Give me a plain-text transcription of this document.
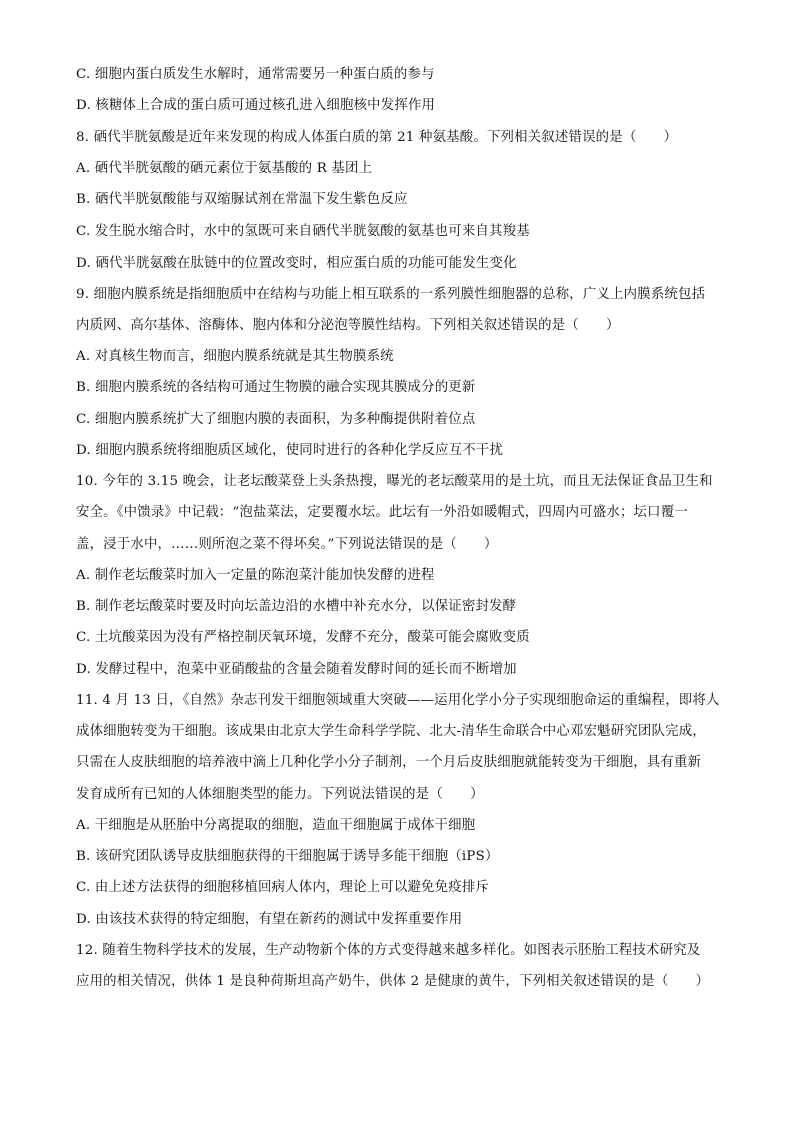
C. 细胞内蛋白质发生水解时，通常需要另一种蛋白质的参与
D. 核糖体上合成的蛋白质可通过核孔进入细胞核中发挥作用
8. 硒代半胱氨酸是近年来发现的构成人体蛋白质的第 21 种氨基酸。下列相关叙述错误的是（　　）
A. 硒代半胱氨酸的硒元素位于氨基酸的 R 基团上
B. 硒代半胱氨酸能与双缩脲试剂在常温下发生紫色反应
C. 发生脱水缩合时，水中的氢既可来自硒代半胱氨酸的氨基也可来自其羧基
D. 硒代半胱氨酸在肽链中的位置改变时，相应蛋白质的功能可能发生变化
9. 细胞内膜系统是指细胞质中在结构与功能上相互联系的一系列膜性细胞器的总称，广义上内膜系统包括
内质网、高尔基体、溶酶体、胞内体和分泌泡等膜性结构。下列相关叙述错误的是（　　）
A. 对真核生物而言，细胞内膜系统就是其生物膜系统
B. 细胞内膜系统的各结构可通过生物膜的融合实现其膜成分的更新
C. 细胞内膜系统扩大了细胞内膜的表面积，为多种酶提供附着位点
D. 细胞内膜系统将细胞质区域化，使同时进行的各种化学反应互不干扰
10. 今年的 3.15 晚会，让老坛酸菜登上头条热搜，曝光的老坛酸菜用的是土坑，而且无法保证食品卫生和
安全。《中馈录》中记载：“泡盐菜法，定要覆水坛。此坛有一外沿如暖帽式，四周内可盛水；坛口覆一
盖，浸于水中，……则所泡之菜不得坏矣。”下列说法错误的是（　　）
A. 制作老坛酸菜时加入一定量的陈泡菜汁能加快发酵的进程
B. 制作老坛酸菜时要及时向坛盖边沿的水槽中补充水分，以保证密封发酵
C. 土坑酸菜因为没有严格控制厌氧环境，发酵不充分，酸菜可能会腐败变质
D. 发酵过程中，泡菜中亚硝酸盐的含量会随着发酵时间的延长而不断增加
11. 4 月 13 日，《自然》杂志刊发干细胞领域重大突破——运用化学小分子实现细胞命运的重编程，即将人
成体细胞转变为干细胞。该成果由北京大学生命科学学院、北大-清华生命联合中心邓宏魁研究团队完成，
只需在人皮肤细胞的培养液中滴上几种化学小分子制剂，一个月后皮肤细胞就能转变为干细胞，具有重新
发育成所有已知的人体细胞类型的能力。下列说法错误的是（　　）
A. 干细胞是从胚胎中分离提取的细胞，造血干细胞属于成体干细胞
B. 该研究团队诱导皮肤细胞获得的干细胞属于诱导多能干细胞（iPS）
C. 由上述方法获得的细胞移植回病人体内，理论上可以避免免疫排斥
D. 由该技术获得的特定细胞，有望在新药的测试中发挥重要作用
12. 随着生物科学技术的发展，生产动物新个体的方式变得越来越多样化。如图表示胚胎工程技术研究及
应用的相关情况，供体 1 是良种荷斯坦高产奶牛，供体 2 是健康的黄牛，下列相关叙述错误的是（　　）
